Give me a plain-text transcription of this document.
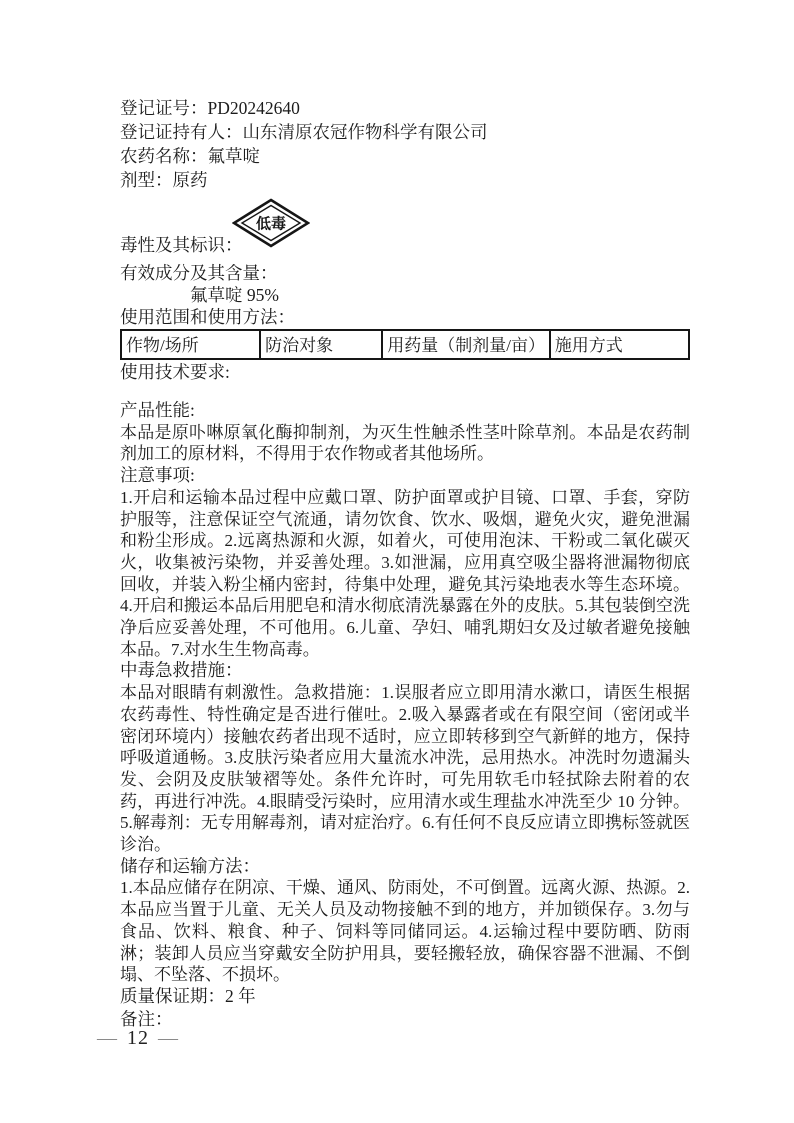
登记证号：PD20242640
登记证持有人：山东清原农冠作物科学有限公司
农药名称：氟草啶
剂型：原药
低毒
毒性及其标识：
有效成分及其含量：
氟草啶 95%
使用范围和使用方法：
作物/场所	防治对象	用药量（制剂量/亩）	施用方式
使用技术要求:
产品性能:
本品是原卟啉原氧化酶抑制剂，为灭生性触杀性茎叶除草剂。本品是农药制剂加工的原材料，不得用于农作物或者其他场所。
注意事项:
1.开启和运输本品过程中应戴口罩、防护面罩或护目镜、口罩、手套，穿防护服等，注意保证空气流通，请勿饮食、饮水、吸烟，避免火灾，避免泄漏和粉尘形成。2.远离热源和火源，如着火，可使用泡沫、干粉或二氧化碳灭火，收集被污染物，并妥善处理。3.如泄漏，应用真空吸尘器将泄漏物彻底回收，并装入粉尘桶内密封，待集中处理，避免其污染地表水等生态环境。4.开启和搬运本品后用肥皂和清水彻底清洗暴露在外的皮肤。5.其包装倒空洗净后应妥善处理，不可他用。6.儿童、孕妇、哺乳期妇女及过敏者避免接触本品。7.对水生生物高毒。
中毒急救措施：
本品对眼睛有刺激性。急救措施：1.误服者应立即用清水漱口，请医生根据农药毒性、特性确定是否进行催吐。2.吸入暴露者或在有限空间（密闭或半密闭环境内）接触农药者出现不适时，应立即转移到空气新鲜的地方，保持呼吸道通畅。3.皮肤污染者应用大量流水冲洗，忌用热水。冲洗时勿遗漏头发、会阴及皮肤皱褶等处。条件允许时，可先用软毛巾轻拭除去附着的农药，再进行冲洗。4.眼睛受污染时，应用清水或生理盐水冲洗至少 10 分钟。5.解毒剂：无专用解毒剂，请对症治疗。6.有任何不良反应请立即携标签就医诊治。
储存和运输方法：
1.本品应储存在阴凉、干燥、通风、防雨处，不可倒置。远离火源、热源。2.本品应当置于儿童、无关人员及动物接触不到的地方，并加锁保存。3.勿与食品、饮料、粮食、种子、饲料等同储同运。4.运输过程中要防晒、防雨淋；装卸人员应当穿戴安全防护用具，要轻搬轻放，确保容器不泄漏、不倒塌、不坠落、不损坏。
质量保证期：2 年
备注：
— 12 —
